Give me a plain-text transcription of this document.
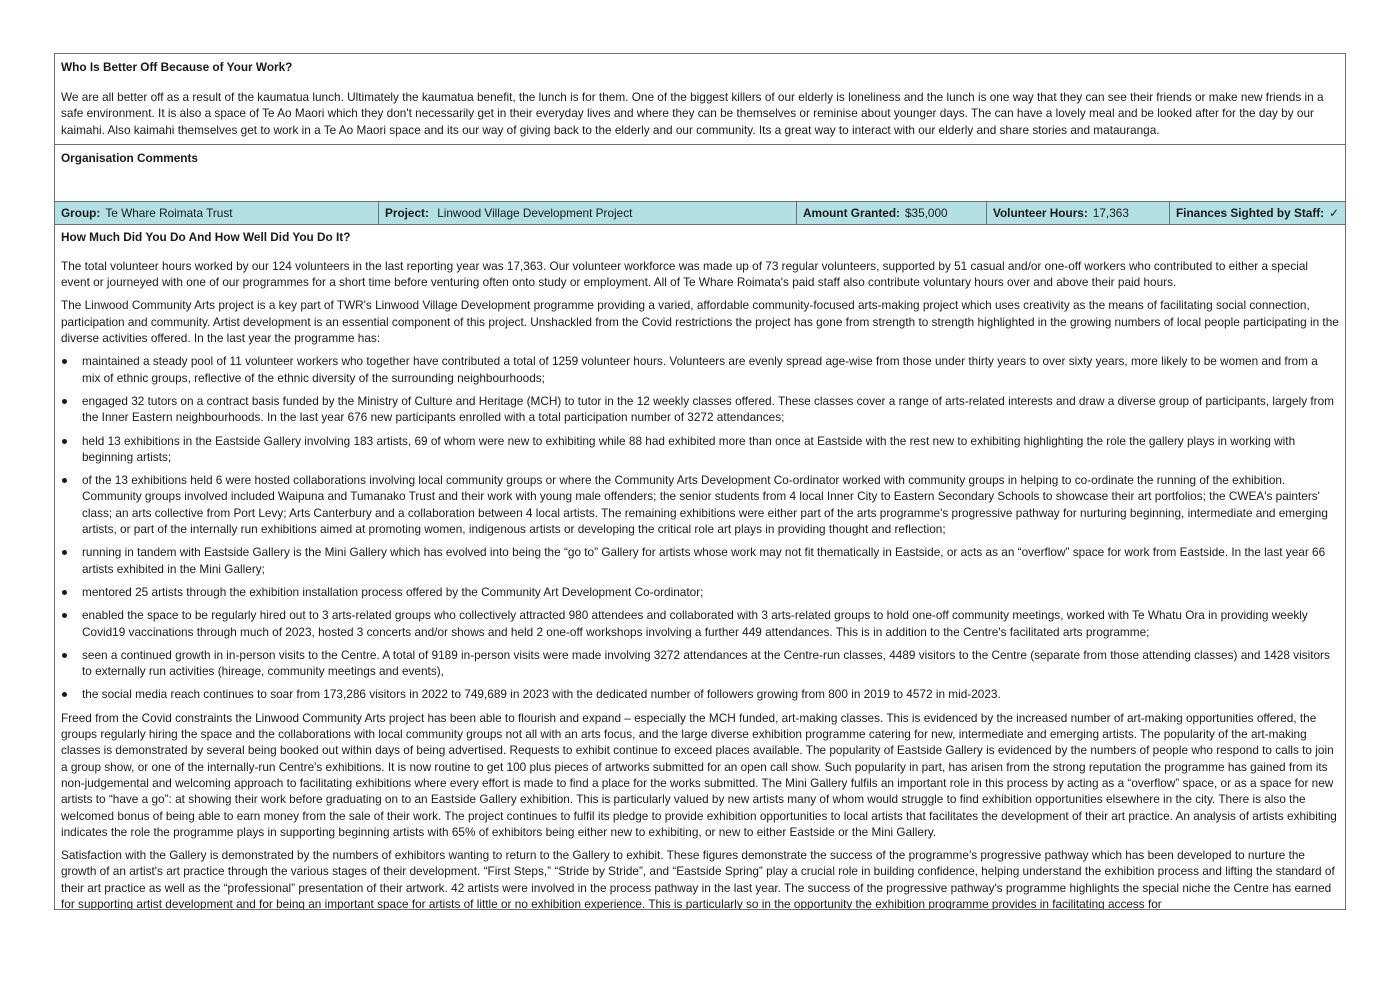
Who Is Better Off Because of Your Work?

We are all better off as a result of the kaumatua lunch. Ultimately the kaumatua benefit, the lunch is for them. One of the biggest killers of our elderly is loneliness and the lunch is one way that they can see their friends or make new friends in a safe environment. It is also a space of Te Ao Maori which they don't necessarily get in their everyday lives and where they can be themselves or reminise about younger days. The can have a lovely meal and be looked after for the day by our kaimahi. Also kaimahi themselves get to work in a Te Ao Maori space and its our way of giving back to the elderly and our community. Its a great way to interact with our elderly and share stories and matauranga.

Organisation Comments
Group: Te Whare Roimata Trust	Project: Linwood Village Development Project	Amount Granted: $35,000	Volunteer Hours: 17,363	Finances Sighted by Staff: ✓
How Much Did You Do And How Well Did You Do It?

The total volunteer hours worked by our 124 volunteers in the last reporting year was 17,363. Our volunteer workforce was made up of 73 regular volunteers, supported by 51 casual and/or one-off workers who contributed to either a special event or journeyed with one of our programmes for a short time before venturing often onto study or employment. All of Te Whare Roimata's paid staff also contribute voluntary hours over and above their paid hours.

The Linwood Community Arts project is a key part of TWR's Linwood Village Development programme providing a varied, affordable community-focused arts-making project which uses creativity as the means of facilitating social connection, participation and community. Artist development is an essential component of this project. Unshackled from the Covid restrictions the project has gone from strength to strength highlighted in the growing numbers of local people participating in the diverse activities offered. In the last year the programme has:

maintained a steady pool of 11 volunteer workers who together have contributed a total of 1259 volunteer hours. Volunteers are evenly spread age-wise from those under thirty years to over sixty years, more likely to be women and from a mix of ethnic groups, reflective of the ethnic diversity of the surrounding neighbourhoods;
engaged 32 tutors on a contract basis funded by the Ministry of Culture and Heritage (MCH) to tutor in the 12 weekly classes offered. These classes cover a range of arts-related interests and draw a diverse group of participants, largely from the Inner Eastern neighbourhoods. In the last year 676 new participants enrolled with a total participation number of 3272 attendances;
held 13 exhibitions in the Eastside Gallery involving 183 artists, 69 of whom were new to exhibiting while 88 had exhibited more than once at Eastside with the rest new to exhibiting highlighting the role the gallery plays in working with beginning artists;
of the 13 exhibitions held 6 were hosted collaborations involving local community groups or where the Community Arts Development Co-ordinator worked with community groups in helping to co-ordinate the running of the exhibition. Community groups involved included Waipuna and Tumanako Trust and their work with young male offenders; the senior students from 4 local Inner City to Eastern Secondary Schools to showcase their art portfolios; the CWEA's painters' class; an arts collective from Port Levy; Arts Canterbury and a collaboration between 4 local artists. The remaining exhibitions were either part of the arts programme's progressive pathway for nurturing beginning, intermediate and emerging artists, or part of the internally run exhibitions aimed at promoting women, indigenous artists or developing the critical role art plays in providing thought and reflection;
running in tandem with Eastside Gallery is the Mini Gallery which has evolved into being the “go to” Gallery for artists whose work may not fit thematically in Eastside, or acts as an “overflow” space for work from Eastside. In the last year 66 artists exhibited in the Mini Gallery;
mentored 25 artists through the exhibition installation process offered by the Community Art Development Co-ordinator;
enabled the space to be regularly hired out to 3 arts-related groups who collectively attracted 980 attendees and collaborated with 3 arts-related groups to hold one-off community meetings, worked with Te Whatu Ora in providing weekly Covid19 vaccinations through much of 2023, hosted 3 concerts and/or shows and held 2 one-off workshops involving a further 449 attendances. This is in addition to the Centre's facilitated arts programme;
seen a continued growth in in-person visits to the Centre. A total of 9189 in-person visits were made involving 3272 attendances at the Centre-run classes, 4489 visitors to the Centre (separate from those attending classes) and 1428 visitors to externally run activities (hireage, community meetings and events),
the social media reach continues to soar from 173,286 visitors in 2022 to 749,689 in 2023 with the dedicated number of followers growing from 800 in 2019 to 4572 in mid-2023.

Freed from the Covid constraints the Linwood Community Arts project has been able to flourish and expand – especially the MCH funded, art-making classes. This is evidenced by the increased number of art-making opportunities offered, the groups regularly hiring the space and the collaborations with local community groups not all with an arts focus, and the large diverse exhibition programme catering for new, intermediate and emerging artists. The popularity of the art-making classes is demonstrated by several being booked out within days of being advertised. Requests to exhibit continue to exceed places available. The popularity of Eastside Gallery is evidenced by the numbers of people who respond to calls to join a group show, or one of the internally-run Centre's exhibitions. It is now routine to get 100 plus pieces of artworks submitted for an open call show. Such popularity in part, has arisen from the strong reputation the programme has gained from its non-judgemental and welcoming approach to facilitating exhibitions where every effort is made to find a place for the works submitted. The Mini Gallery fulfils an important role in this process by acting as a “overflow” space, or as a space for new artists to “have a go”: at showing their work before graduating on to an Eastside Gallery exhibition. This is particularly valued by new artists many of whom would struggle to find exhibition opportunities elsewhere in the city. There is also the welcomed bonus of being able to earn money from the sale of their work. The project continues to fulfil its pledge to provide exhibition opportunities to local artists that facilitates the development of their art practice. An analysis of artists exhibiting indicates the role the programme plays in supporting beginning artists with 65% of exhibitors being either new to exhibiting, or new to either Eastside or the Mini Gallery.

Satisfaction with the Gallery is demonstrated by the numbers of exhibitors wanting to return to the Gallery to exhibit. These figures demonstrate the success of the programme's progressive pathway which has been developed to nurture the growth of an artist's art practice through the various stages of their development. “First Steps,” “Stride by Stride”, and “Eastside Spring” play a crucial role in building confidence, helping understand the exhibition process and lifting the standard of their art practice as well as the “professional” presentation of their artwork. 42 artists were involved in the process pathway in the last year. The success of the progressive pathway's programme highlights the special niche the Centre has earned for supporting artist development and for being an important space for artists of little or no exhibition experience. This is particularly so in the opportunity the exhibition programme provides in facilitating access for
